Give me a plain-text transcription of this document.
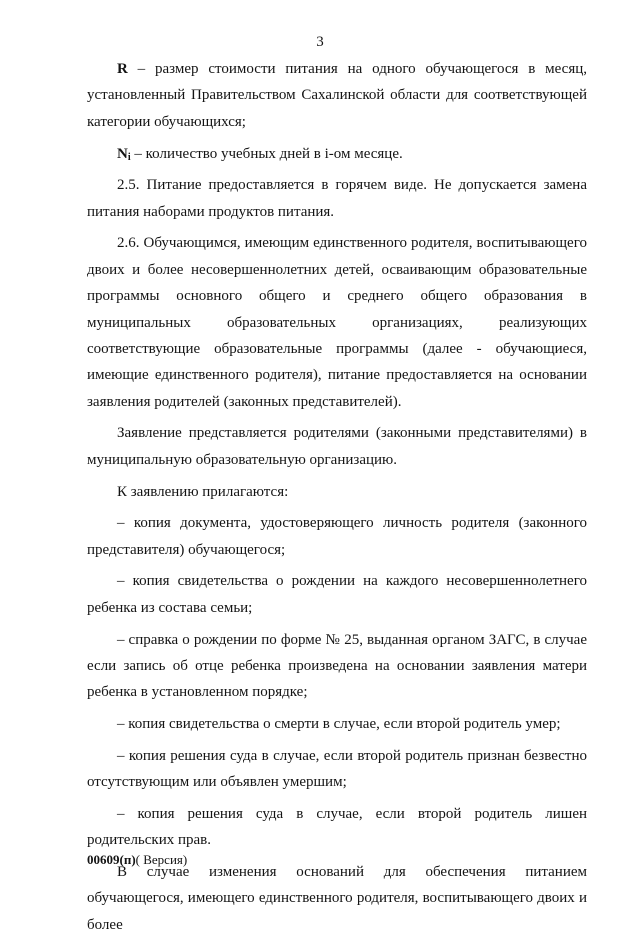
3

R – размер стоимости питания на одного обучающегося в месяц, установленный Правительством Сахалинской области для соответствующей категории обучающихся;

$N_i$ – количество учебных дней в i-ом месяце.

2.5. Питание предоставляется в горячем виде. Не допускается замена питания наборами продуктов питания.

2.6. Обучающимся, имеющим единственного родителя, воспитывающего двоих и более несовершеннолетних детей, осваивающим образовательные программы основного общего и среднего общего образования в муниципальных образовательных организациях, реализующих соответствующие образовательные программы (далее - обучающиеся, имеющие единственного родителя), питание предоставляется на основании заявления родителей (законных представителей).

Заявление представляется родителями (законными представителями) в муниципальную образовательную организацию.

К заявлению прилагаются:

– копия документа, удостоверяющего личность родителя (законного представителя) обучающегося;

– копия свидетельства о рождении на каждого несовершеннолетнего ребенка из состава семьи;

– справка о рождении по форме № 25, выданная органом ЗАГС, в случае если запись об отце ребенка произведена на основании заявления матери ребенка в установленном порядке;

– копия свидетельства о смерти в случае, если второй родитель умер;

– копия решения суда в случае, если второй родитель признан безвестно отсутствующим или объявлен умершим;

– копия решения суда в случае, если второй родитель лишен родительских прав.

В случае изменения оснований для обеспечения питанием обучающегося, имеющего единственного родителя, воспитывающего двоих и более

00609(п)( Версия)
